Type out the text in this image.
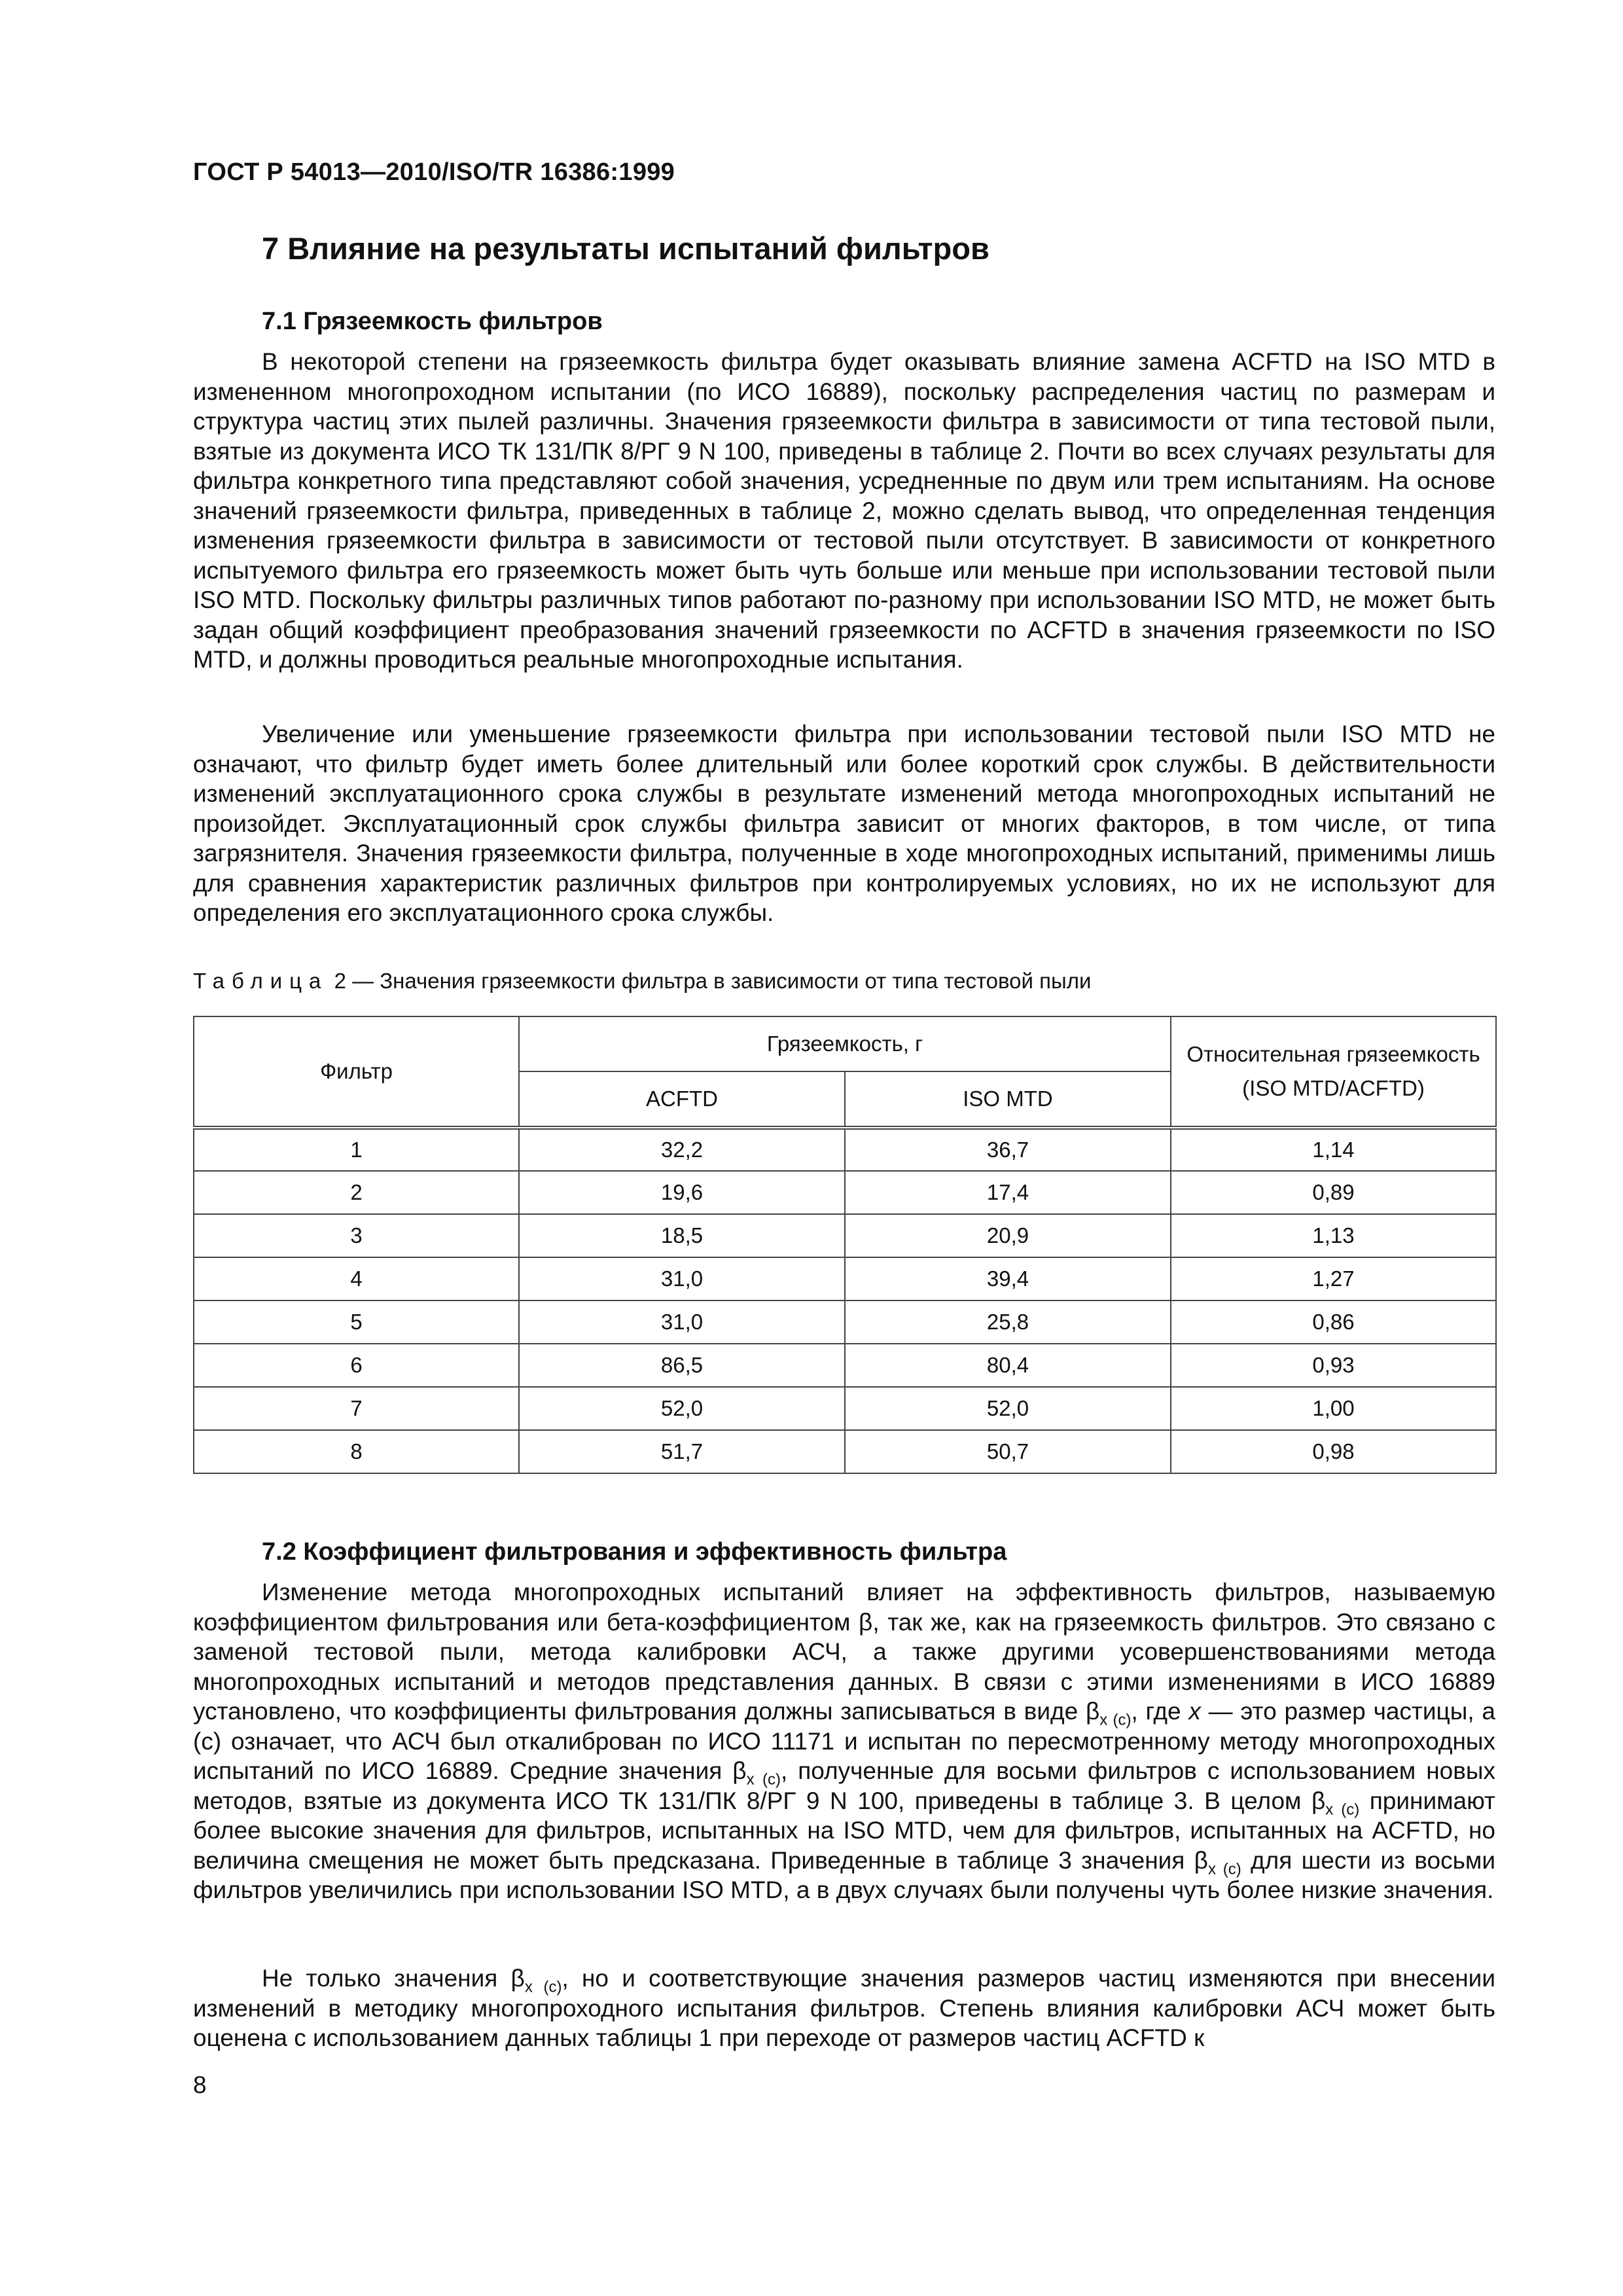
ГОСТ Р 54013—2010/ISO/TR 16386:1999
7 Влияние на результаты испытаний фильтров
7.1 Грязеемкость фильтров

В некоторой степени на грязеемкость фильтра будет оказывать влияние замена ACFTD на ISO MTD в измененном многопроходном испытании (по ИСО 16889), поскольку распределения частиц по размерам и структура частиц этих пылей различны. Значения грязеемкости фильтра в зависимости от типа тестовой пыли, взятые из документа ИСО ТК 131/ПК 8/РГ 9 N 100, приведены в таблице 2. Почти во всех случаях результаты для фильтра конкретного типа представляют собой значения, усредненные по двум или трем испытаниям. На основе значений грязеемкости фильтра, приведенных в таблице 2, можно сделать вывод, что определенная тенденция изменения грязеемкости фильтра в зависимости от тестовой пыли отсутствует. В зависимости от конкретного испытуемого фильтра его грязеемкость может быть чуть больше или меньше при использовании тестовой пыли ISO MTD. Поскольку фильтры различных типов работают по-разному при использовании ISO MTD, не может быть задан общий коэффициент преобразования значений грязеемкости по ACFTD в значения грязеемкости по ISO MTD, и должны проводиться реальные многопроходные испытания.

Увеличение или уменьшение грязеемкости фильтра при использовании тестовой пыли ISO MTD не означают, что фильтр будет иметь более длительный или более короткий срок службы. В действительности изменений эксплуатационного срока службы в результате изменений метода многопроходных испытаний не произойдет. Эксплуатационный срок службы фильтра зависит от многих факторов, в том числе, от типа загрязнителя. Значения грязеемкости фильтра, полученные в ходе многопроходных испытаний, применимы лишь для сравнения характеристик различных фильтров при контролируемых условиях, но их не используют для определения его эксплуатационного срока службы.

Таблица 2 — Значения грязеемкости фильтра в зависимости от типа тестовой пыли
Фильтр	Грязеемкость, г		Относительная грязеемкость
(ISO MTD/ACFTD)

	ACFTD	ISO MTD	
1	32,2	36,7	1,14
2	19,6	17,4	0,89
3	18,5	20,9	1,13
4	31,0	39,4	1,27
5	31,0	25,8	0,86
6	86,5	80,4	0,93
7	52,0	52,0	1,00
8	51,7	50,7	0,98
7.2 Коэффициент фильтрования и эффективность фильтра

Изменение метода многопроходных испытаний влияет на эффективность фильтров, называемую коэффициентом фильтрования или бета-коэффициентом β, так же, как на грязеемкость фильтров. Это связано с заменой тестовой пыли, метода калибровки АСЧ, а также другими усовершенствованиями метода многопроходных испытаний и методов представления данных. В связи с этими изменениями в ИСО 16889 установлено, что коэффициенты фильтрования должны записываться в виде $\beta_{x (c)}$, где x — это размер частицы, а (c) означает, что АСЧ был откалиброван по ИСО 11171 и испытан по пересмотренному методу многопроходных испытаний по ИСО 16889. Средние значения $\beta_{x (c)}$, полученные для восьми фильтров с использованием новых методов, взятые из документа ИСО ТК 131/ПК 8/РГ 9 N 100, приведены в таблице 3. В целом $\beta_{x (c)}$ принимают более высокие значения для фильтров, испытанных на ISO MTD, чем для фильтров, испытанных на ACFTD, но величина смещения не может быть предсказана. Приведенные в таблице 3 значения $\beta_{x (c)}$ для шести из восьми фильтров увеличились при использовании ISO MTD, а в двух случаях были получены чуть более низкие значения.

Не только значения $\beta_{x (c)}$, но и соответствующие значения размеров частиц изменяются при внесении изменений в методику многопроходного испытания фильтров. Степень влияния калибровки АСЧ может быть оценена с использованием данных таблицы 1 при переходе от размеров частиц ACFTD к

8
